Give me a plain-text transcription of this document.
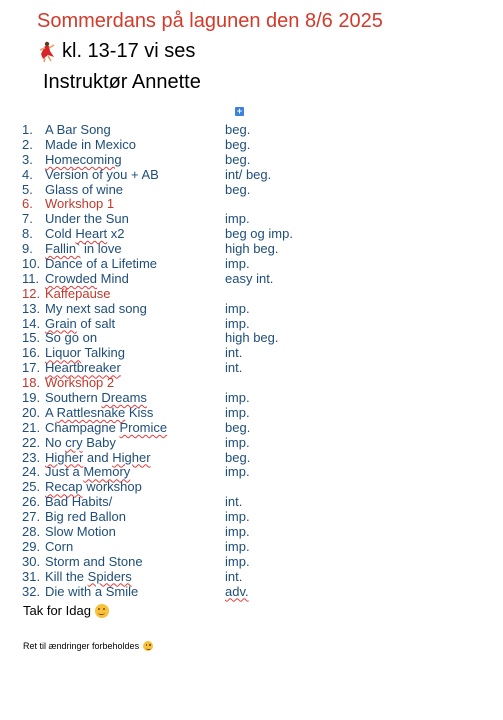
Sommerdans på lagunen den 8/6 2025
kl. 13-17 vi ses
Instruktør Annette
+
1. A Bar Song	beg.
2. Made in Mexico	beg.
3. Homecoming	beg.
4. Version of you + AB	int/ beg.
5. Glass of wine	beg.
6. Workshop 1
7. Under the Sun	imp.
8. Cold Heart x2	beg og imp.
9. Fallin` in love	high beg.
10. Dance of a Lifetime	imp.
11. Crowded Mind	easy int.
12. Kaffepause
13. My next sad song	imp.
14. Grain of salt	imp.
15. So go on	high beg.
16. Liquor Talking	int.
17. Heartbreaker	int.
18. Workshop 2
19. Southern Dreams	imp.
20. A Rattlesnake Kiss	imp.
21. Champagne Promice	beg.
22. No cry Baby	imp.
23. Higher and Higher	beg.
24. Just a Memory	imp.
25. Recap workshop
26. Bad Habits/	int.
27. Big red Ballon	imp.
28. Slow Motion	imp.
29. Corn	imp.
30. Storm and Stone	imp.
31. Kill the Spiders	int.
32. Die with a Smile	adv.
Tak for Idag
Ret til ændringer forbeholdes
